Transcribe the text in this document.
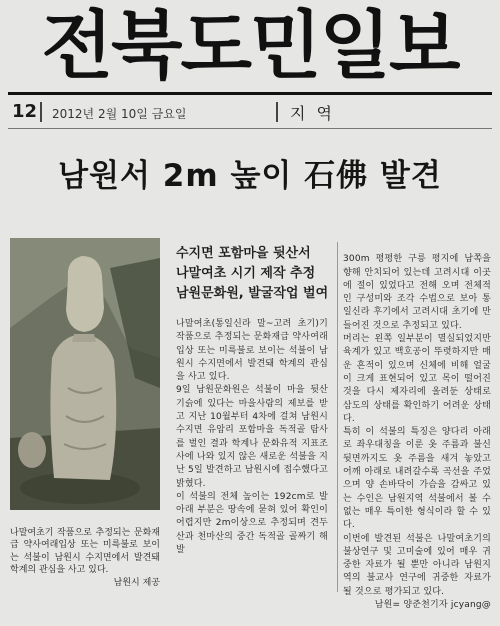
전북도민일보
12 2012년 2월 10일 금요일	지 역
남원서 2m 높이 石佛 발견

나말여초기 작품으로 추정되는 문화재급 약사여래입상 또는 미륵불로 보이는 석불이 남원시 수지면에서 발견돼 학계의 관심을 사고 있다.

남원시 제공

수지면 포함마을 뒷산서
나말여초 시기 제작 추정
남원문화원, 발굴작업 벌여
나말여초(통일신라 말~고려 초기)기 작품으로 추정되는 문화재급 약사여래입상 또는 미륵불로 보이는 석불이 남원시 수지면에서 발견돼 학계의 관심을 사고 있다.
9일 남원문화원은 석불이 마을 뒷산 기슭에 있다는 마을사람의 제보를 받고 지난 10월부터 4차에 걸쳐 남원시 수지면 유암리 포함마을 독적골 탐사를 벌인 결과 학계나 문화유적 지표조사에 나와 있지 않은 새로운 석불을 지난 5일 발견하고 남원시에 접수했다고 밝혔다.
이 석불의 전체 높이는 192cm로 발아래 부분은 땅속에 묻혀 있어 확인이 어렵지만 2m이상으로 추정되며 견두산과 천마산의 중간 독적골 골짜기 해발

300m 평평한 구릉 평지에 남쪽을 향해 안치되어 있는데 고려시대 이곳에 절이 있었다고 전해 오며 전체적인 구성미와 조각 수법으로 보아 통일신라 후기에서 고려시대 초기에 만들어진 것으로 추정되고 있다.
머리는 왼쪽 일부분이 멸실되었지만 육계가 있고 백호공이 뚜렷하지만 매운 흔적이 있으며 신체에 비해 얼굴이 크게 표현되어 있고 목이 떨어진 것을 다시 제자리에 올려둔 상태로 삼도의 상태를 확인하기 어려운 상태다.
특히 이 석불의 특징은 양다리 아래로 좌우대칭을 이룬 옷 주름과 불신 뒷면까지도 옷 주름을 새겨 놓았고 어깨 아래로 내려갈수록 곡선을 주었으며 양 손바닥이 가슴을 감싸고 있는 수인은 남원지역 석불에서 볼 수 없는 매우 특이한 형식이라 할 수 있다.
이번에 발견된 석불은 나말여초기의 불상연구 및 고미술에 있어 매우 귀중한 자료가 될 뿐만 아니라 남원지역의 불교사 연구에 귀중한 자료가 될 것으로 평가되고 있다.

남원= 양준천기자 jcyang@
